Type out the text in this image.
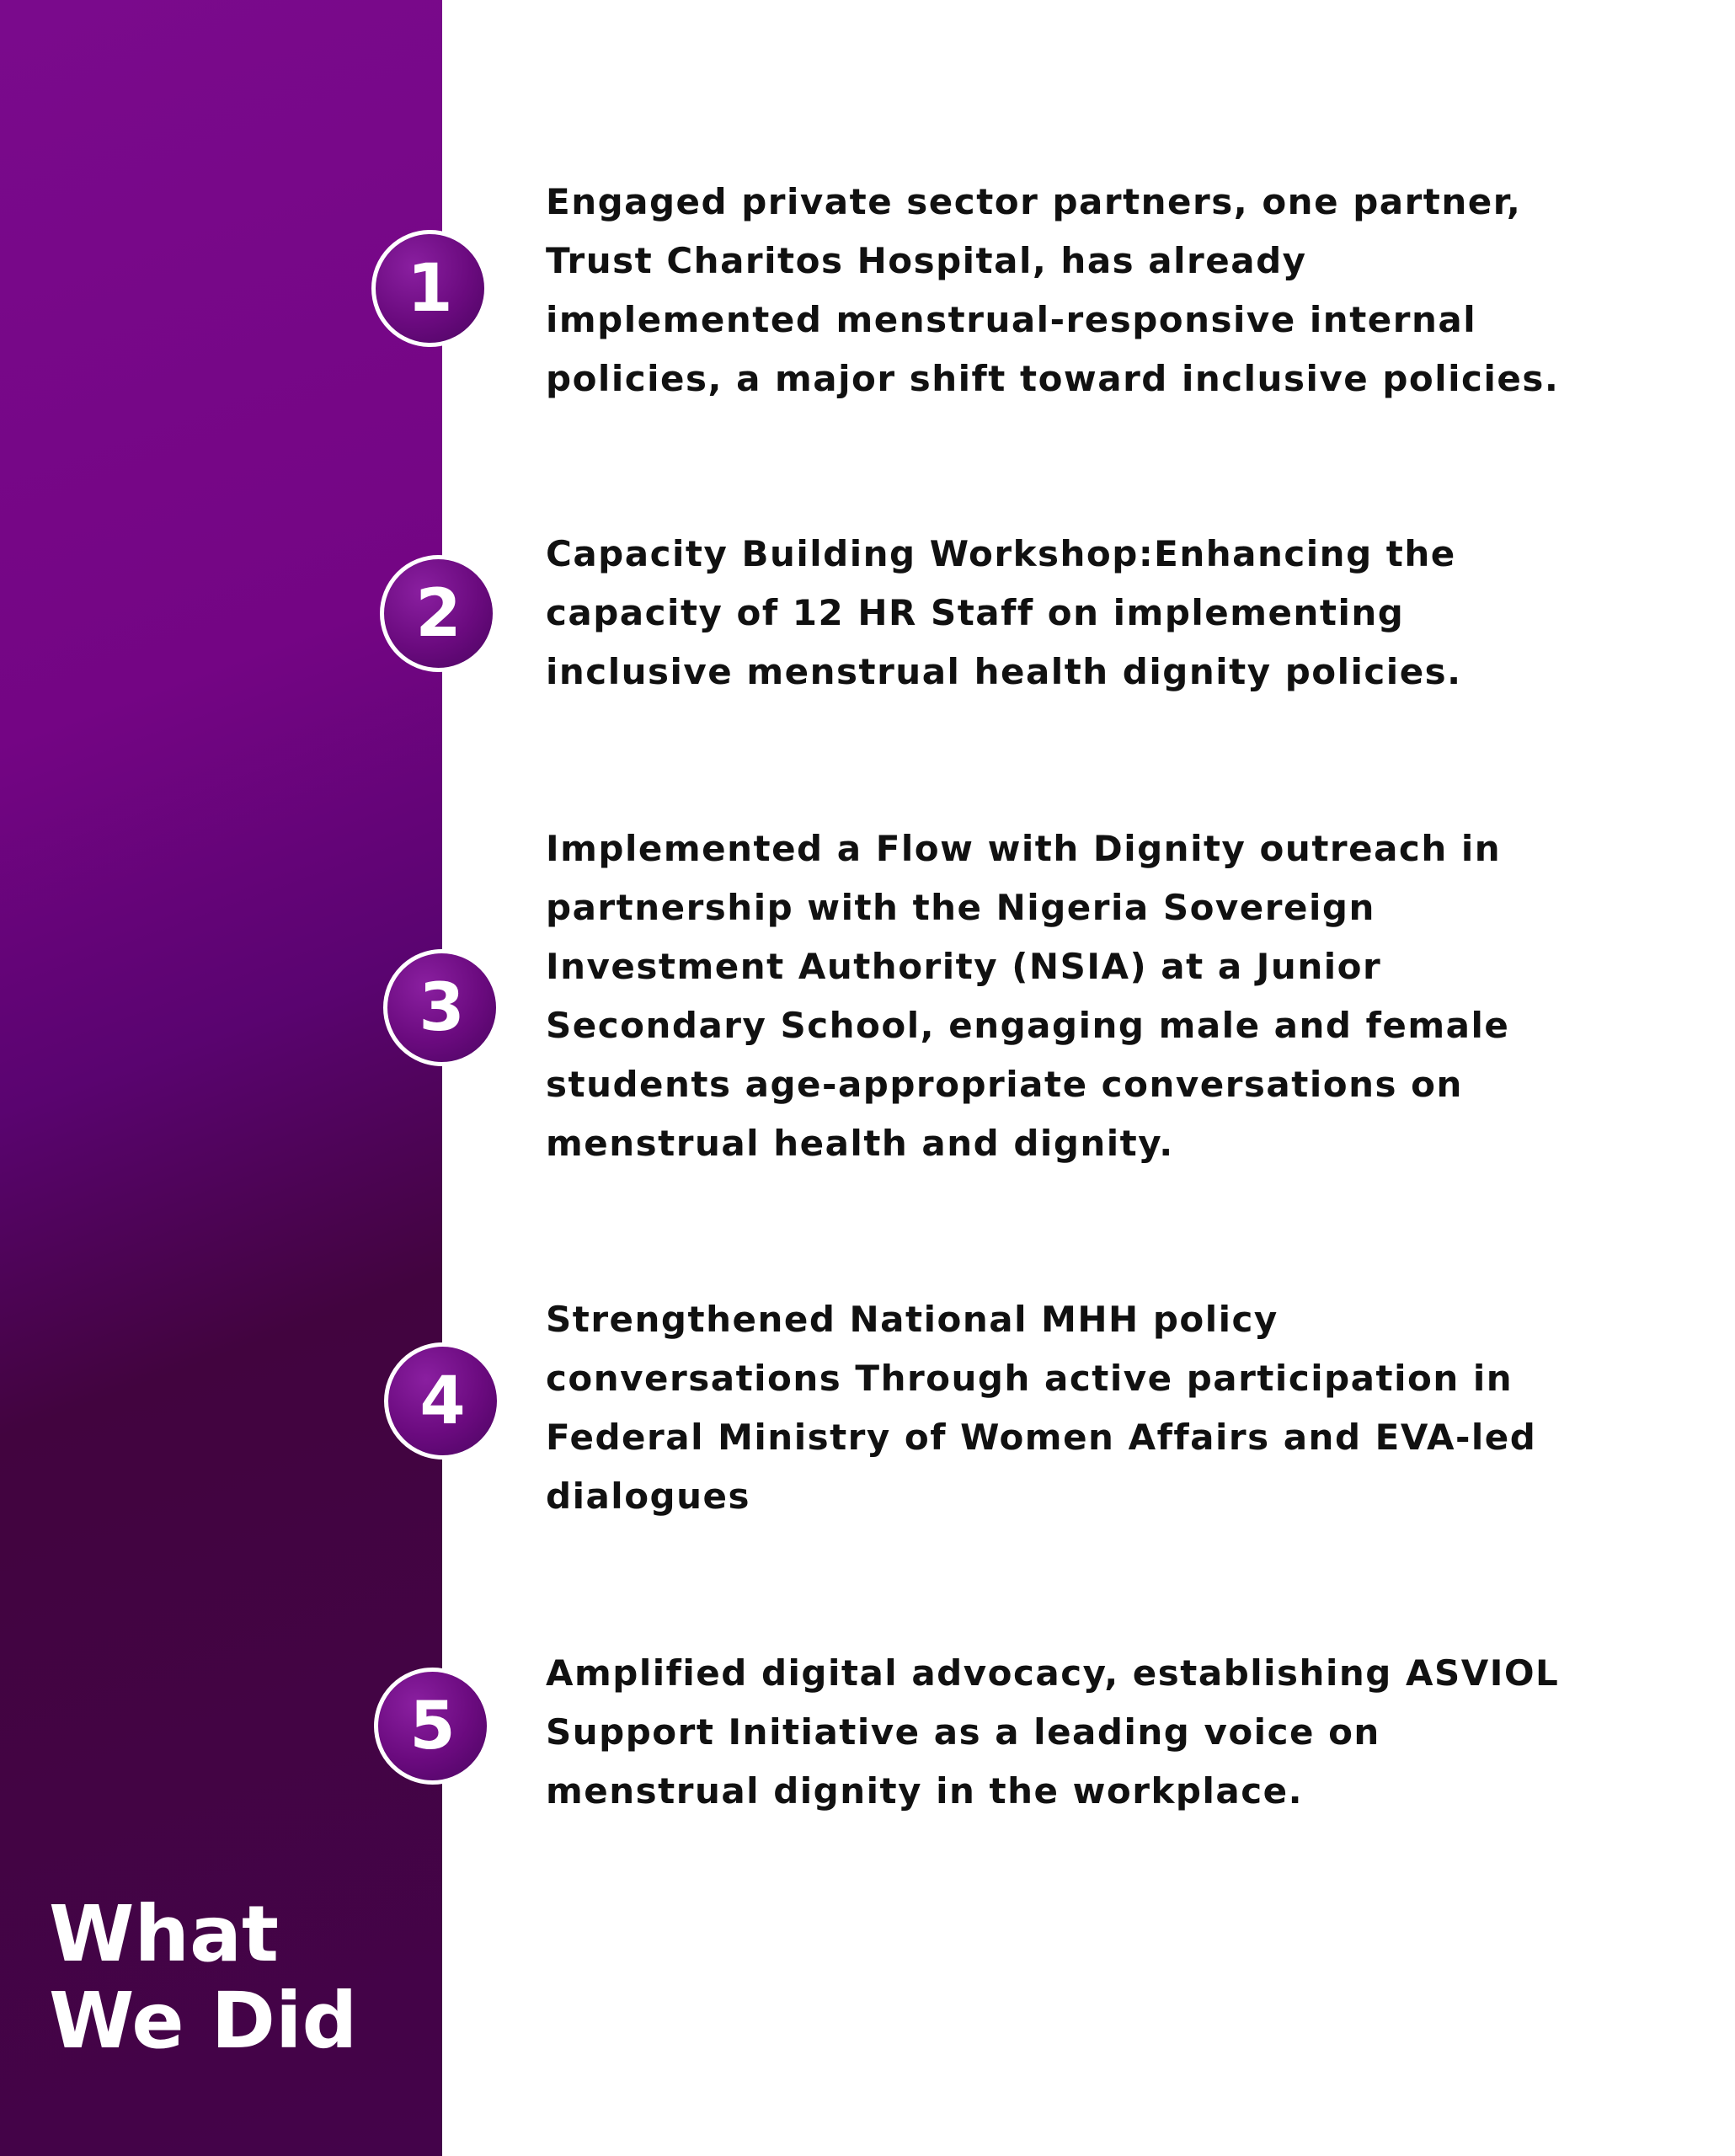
What
We Did
1

Engaged private sector partners, one partner,
Trust Charitos Hospital, has already
implemented menstrual-responsive internal
policies, a major shift toward inclusive policies.

2

Capacity Building Workshop:Enhancing the
capacity of 12 HR Staff on implementing
inclusive menstrual health dignity policies.

3

Implemented a Flow with Dignity outreach in
partnership with the Nigeria Sovereign
Investment Authority (NSIA) at a Junior
Secondary School, engaging male and female
students age-appropriate conversations on
menstrual health and dignity.

4

Strengthened National MHH policy
conversations Through active participation in
Federal Ministry of Women Affairs and EVA-led
dialogues

5

Amplified digital advocacy, establishing ASVIOL
Support Initiative as a leading voice on
menstrual dignity in the workplace.
